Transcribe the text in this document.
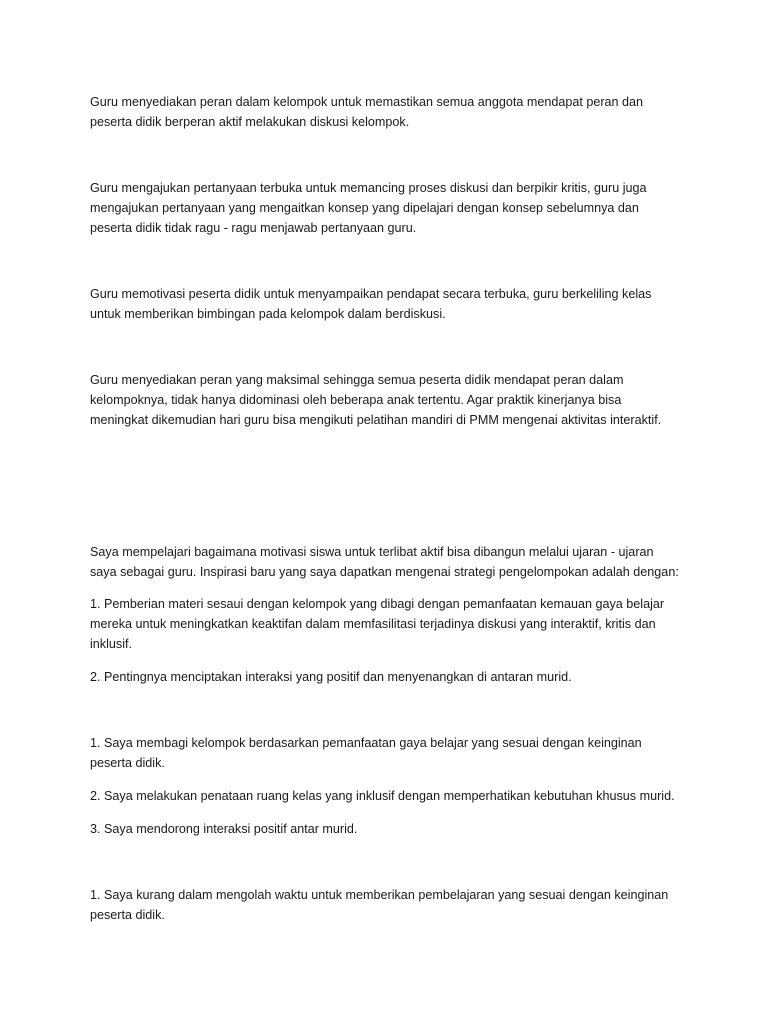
Guru menyediakan peran dalam kelompok untuk memastikan semua anggota mendapat peran dan
peserta didik berperan aktif melakukan diskusi kelompok.

Guru mengajukan pertanyaan terbuka untuk memancing proses diskusi dan berpikir kritis, guru juga
mengajukan pertanyaan yang mengaitkan konsep yang dipelajari dengan konsep sebelumnya dan
peserta didik tidak ragu - ragu menjawab pertanyaan guru.

Guru memotivasi peserta didik untuk menyampaikan pendapat secara terbuka, guru berkeliling kelas
untuk memberikan bimbingan pada kelompok dalam berdiskusi.

Guru menyediakan peran yang maksimal sehingga semua peserta didik mendapat peran dalam
kelompoknya, tidak hanya didominasi oleh beberapa anak tertentu. Agar praktik kinerjanya bisa
meningkat dikemudian hari guru bisa mengikuti pelatihan mandiri di PMM mengenai aktivitas interaktif.

Saya mempelajari bagaimana motivasi siswa untuk terlibat aktif bisa dibangun melalui ujaran - ujaran
saya sebagai guru. Inspirasi baru yang saya dapatkan mengenai strategi pengelompokan adalah dengan:

1. Pemberian materi sesaui dengan kelompok yang dibagi dengan pemanfaatan kemauan gaya belajar
mereka untuk meningkatkan keaktifan dalam memfasilitasi terjadinya diskusi yang interaktif, kritis dan
inklusif.

2. Pentingnya menciptakan interaksi yang positif dan menyenangkan di antaran murid.

1. Saya membagi kelompok berdasarkan pemanfaatan gaya belajar yang sesuai dengan keinginan
peserta didik.

2. Saya melakukan penataan ruang kelas yang inklusif dengan memperhatikan kebutuhan khusus murid.

3. Saya mendorong interaksi positif antar murid.

1. Saya kurang dalam mengolah waktu untuk memberikan pembelajaran yang sesuai dengan keinginan
peserta didik.
